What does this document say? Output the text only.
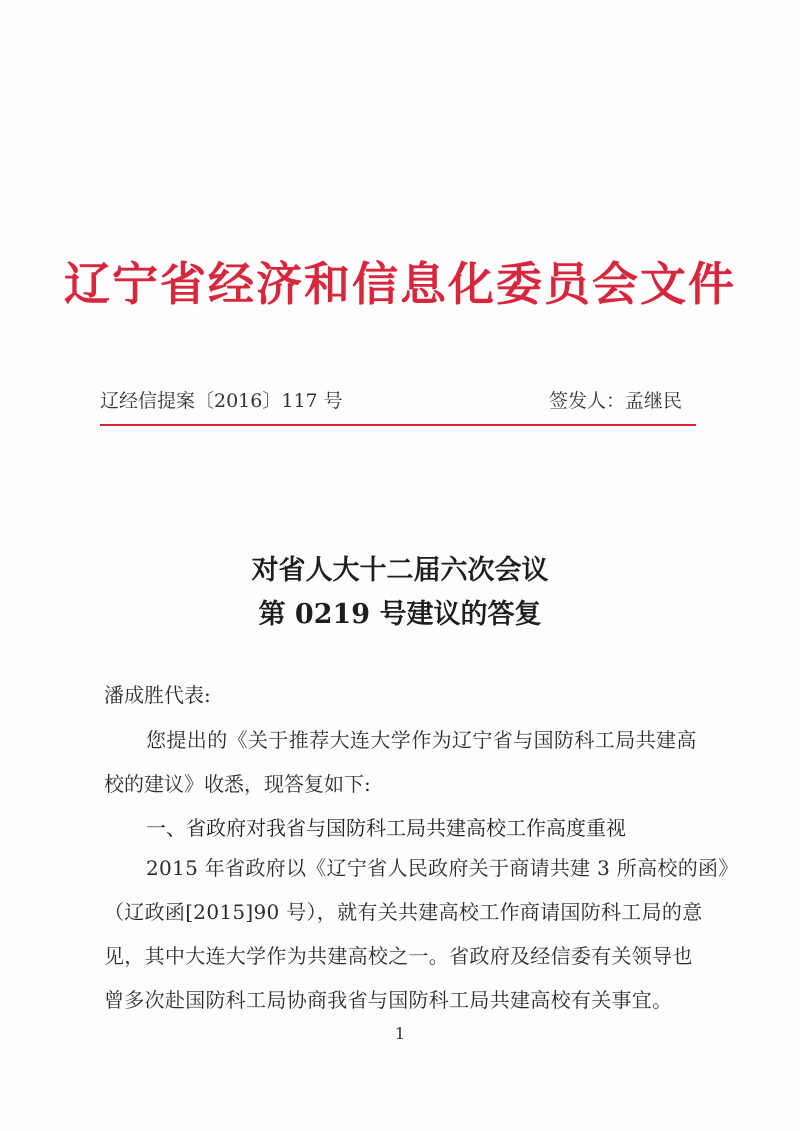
辽宁省经济和信息化委员会文件
辽经信提案〔2016〕117 号	签发人：孟继民
对省人大十二届六次会议
第 0219 号建议的答复
潘成胜代表:
您提出的《关于推荐大连大学作为辽宁省与国防科工局共建高
校的建议》收悉，现答复如下:
一、省政府对我省与国防科工局共建高校工作高度重视
2015 年省政府以《辽宁省人民政府关于商请共建 3 所高校的函》
（辽政函[2015]90 号），就有关共建高校工作商请国防科工局的意
见，其中大连大学作为共建高校之一。省政府及经信委有关领导也
曾多次赴国防科工局协商我省与国防科工局共建高校有关事宜。
1
